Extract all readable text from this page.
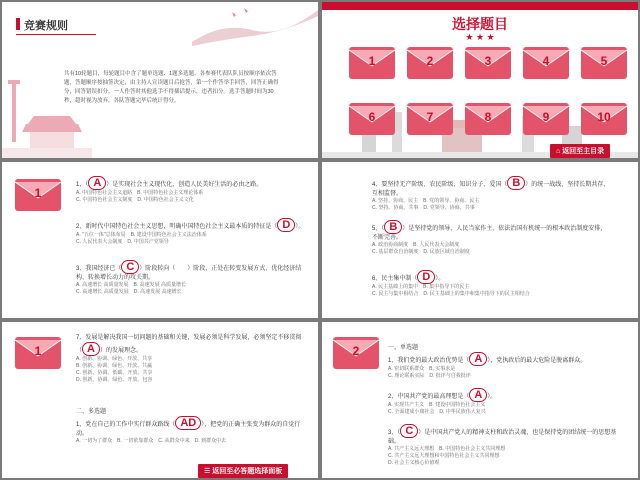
竞赛规则
共有10轮题目，每轮题目中含了题单选题、1题多选题。各参赛代表队队员按顺序依次答题，答题顺序按抽签决定，由主持人宣读题目后抢答，第一个作答举手回答，回答正确得分，回答错误扣分。一人作答时其他选手不得插话提示，违者扣分。选手答题时间为30秒，超时视为放弃，各队答题完毕后统计得分。
选择题目
★ ★ ★
1	2	3	4	5
6	7	8	9	10
⌂ 返回至主目录
1
1、（ A ）是实现社会主义现代化、创造人民美好生活的必由之路。
A. 中国特色社会主义道路　 B. 中国特色社会主义理论体系
C. 中国特色社会主义制度　 D. 中国特色社会主义文化
2、新时代中国特色社会主义思想，明确中国特色社会主义最本质的特征是（ D ）。
A. "五位一体"总体布局　 B. 建设中国特色社会主义法治体系
C. 人民代表大会制度　 D. 中国共产党领导
3、我国经济已（ C ）阶段转向（　　）阶段，正处在转变发展方式、优化经济结构、转换增长动力的攻关期。
A. 高速增长 高质量发展　 B. 高速发展 高质量增长
C. 高速增长 高质量发展　 D. 高速发展 高速增长
4、要坚持无产阶级、农民阶级、知识分子、爱国（ B ）的统一战线，坚持长期共存、互相监督。
A. 坚持、协商、民主　 B. 党的领导、协商、民主
C. 坚持、协商、共事　 D. 党领导、协商、共事
5、（ B ）是坚持党的领导、人民当家作主、依法治国有机统一的根本政治制度安排，不断完善。
A. 政治协商制度　 B. 人民代表大会制度
C. 基层群众自治制度　 D. 民族区域自治制度
6、民主集中制（ D ）。
A. 民主基础上的集中　 B. 集中指导下的民主
C. 民主与集中相结合　 D. 民主基础上的集中和集中指导下的民主相结合
1
7、发展是解决我国一切问题的基础和关键，发展必须是科学发展，必须坚定不移贯彻（ A ）的发展理念。
A. 创新、协调、绿色、开放、共享
B. 创新、协调、绿色、开放、共赢
C. 创新、协调、低碳、开放、共享
D. 创新、协调、绿色、开放、包容
二、多选题
1、党在自己的工作中实行群众路线（ AD ），把党的正确主张变为群众的自觉行动。
A. 一切为了群众　 B. 一切依靠群众　 C. 从群众中来　 D. 到群众中去
☰ 返回至必答题选择面板
2	一、单选题
1、我们党的最大政治优势是（ A ），党执政后的最大危险是脱离群众。
A. 密切联系群众　 B. 实事求是
C. 理论联系实际　 D. 批评与自我批评
2、中国共产党的最高理想是（ A ）。
A. 实现共产主义　 B. 建设中国特色社会主义
C. 全面建成小康社会　 D. 中华民族伟大复兴
3、（ C ）是中国共产党人的精神支柱和政治灵魂，也是保持党的团结统一的思想基础。
A. 共产主义远大理想　 B. 中国特色社会主义共同理想
C. 共产主义远大理想和中国特色社会主义共同理想
D. 社会主义核心价值观
